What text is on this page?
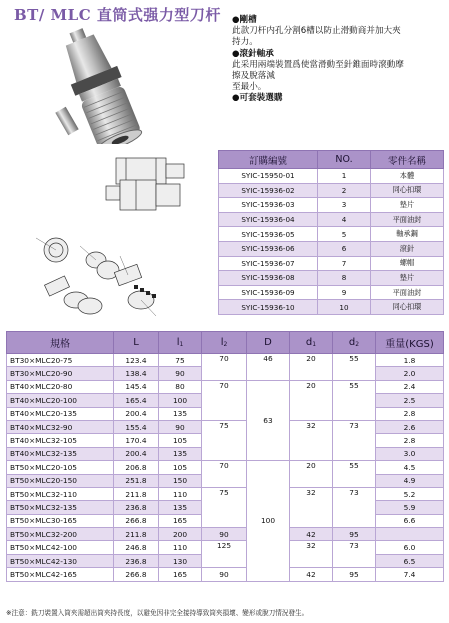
BT/ MLC 直筒式强力型刀杆 ●剛槽
此款刀杆内孔分割6槽以防止滑動商并加大夾
持力。
●滾針軸承
此采用兩端裝置爲使當滑動至針錐面時滾動摩
擦及脫落減
至最小。
●可套裝選購
訂購編號	NO.	零件名稱
SYIC-15950-01	1	本體
SYIC-15936-02	2	同心扣環
SYIC-15936-03	3	墊片
SYIC-15936-04	4	平面油封
SYIC-15936-05	5	軸承鋼
SYIC-15936-06	6	滾針
SYIC-15936-07	7	螺帽
SYIC-15936-08	8	墊片
SYIC-15936-09	9	平面油封
SYIC-15936-10	10	同心扣環
規格	L	l1	l2	D	d1	d2	重量(KGS)
BT30×MLC20-75	123.4	75	70	46	20	55	1.8
BT30×MLC20-90	138.4	90					2.0
BT40×MLC20-80	145.4	80	70	63	20	55	2.4
BT40×MLC20-100	165.4	100					2.5
BT40×MLC20-135	200.4	135					2.8
BT40×MLC32-90	155.4	90	75		32	73	2.6
BT40×MLC32-105	170.4	105					2.8
BT40×MLC32-135	200.4	135					3.0
BT50×MLC20-105	206.8	105	70	100	20	55	4.5
BT50×MLC20-150	251.8	150					4.9
BT50×MLC32-110	211.8	110	75		32	73	5.2
BT50×MLC32-135	236.8	135					5.9
BT50×MLC30-165	266.8	165					6.6
BT50×MLC32-200	211.8	200	90		42	95	
BT50×MLC42-100	246.8	110	125		32	73	6.0
BT50×MLC42-130	236.8	130					6.5
BT50×MLC42-165	266.8	165	90		42	95	7.4
※注意：銑刀裝置入筒夾需超出筒夾持長度，以避免因非完全接持導致筒夾損壞、變形或脫刀情況發生。
